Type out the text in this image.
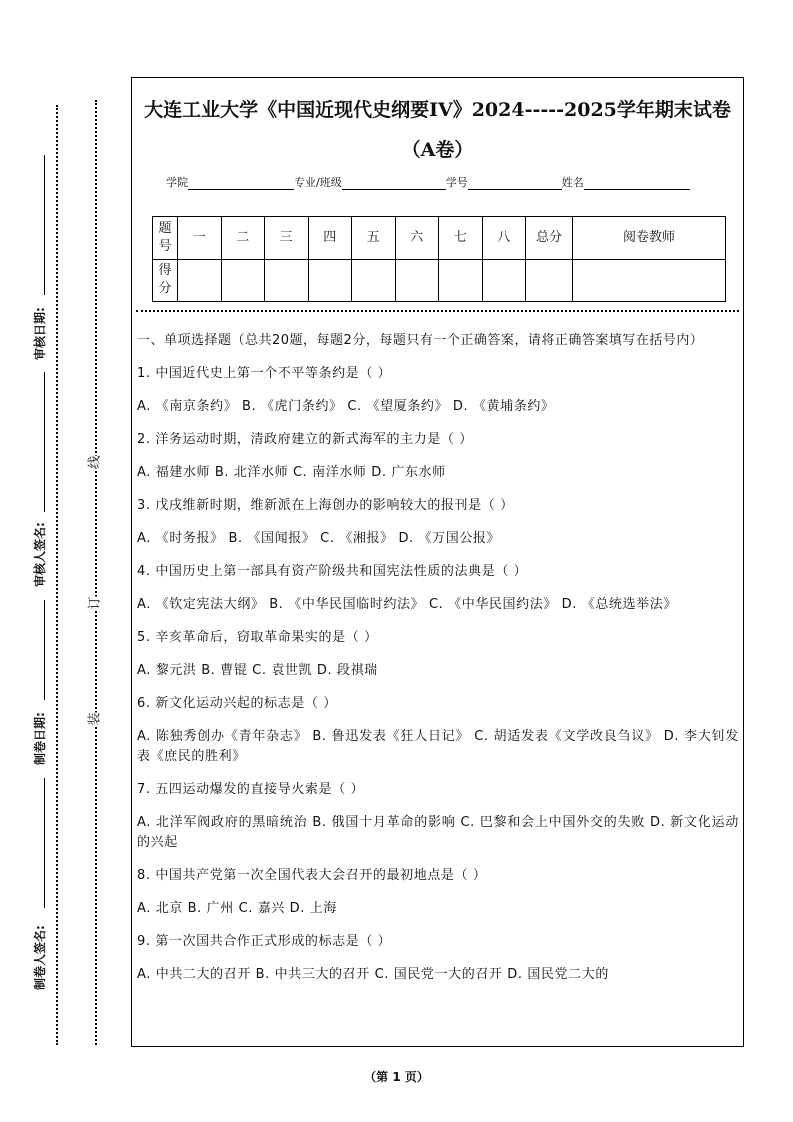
审核日期:
审核人签名:
制卷日期:
制卷人签名:
线
订
装
大连工业大学《中国近现代史纲要IV》2024-----2025学年期末试卷（A卷）
学院	专业/班级	学号	姓名
题号	一	二	三	四	五	六	七	八	总分	阅卷教师
得分										
一、单项选择题（总共20题，每题2分，每题只有一个正确答案，请将正确答案填写在括号内）
1. 中国近代史上第一个不平等条约是（ ）
A. 《南京条约》 B. 《虎门条约》 C. 《望厦条约》 D. 《黄埔条约》
2. 洋务运动时期，清政府建立的新式海军的主力是（ ）
A. 福建水师 B. 北洋水师 C. 南洋水师 D. 广东水师
3. 戊戌维新时期，维新派在上海创办的影响较大的报刊是（ ）
A. 《时务报》 B. 《国闻报》 C. 《湘报》 D. 《万国公报》
4. 中国历史上第一部具有资产阶级共和国宪法性质的法典是（ ）
A. 《钦定宪法大纲》 B. 《中华民国临时约法》 C. 《中华民国约法》 D. 《总统选举法》
5. 辛亥革命后，窃取革命果实的是（ ）
A. 黎元洪 B. 曹锟 C. 袁世凯 D. 段祺瑞
6. 新文化运动兴起的标志是（ ）
A. 陈独秀创办《青年杂志》 B. 鲁迅发表《狂人日记》 C. 胡适发表《文学改良刍议》 D. 李大钊发表《庶民的胜利》
7. 五四运动爆发的直接导火索是（ ）
A. 北洋军阀政府的黑暗统治 B. 俄国十月革命的影响 C. 巴黎和会上中国外交的失败 D. 新文化运动的兴起
8. 中国共产党第一次全国代表大会召开的最初地点是（ ）
A. 北京 B. 广州 C. 嘉兴 D. 上海
9. 第一次国共合作正式形成的标志是（ ）
A. 中共二大的召开 B. 中共三大的召开 C. 国民党一大的召开 D. 国民党二大的
（第 1 页）
